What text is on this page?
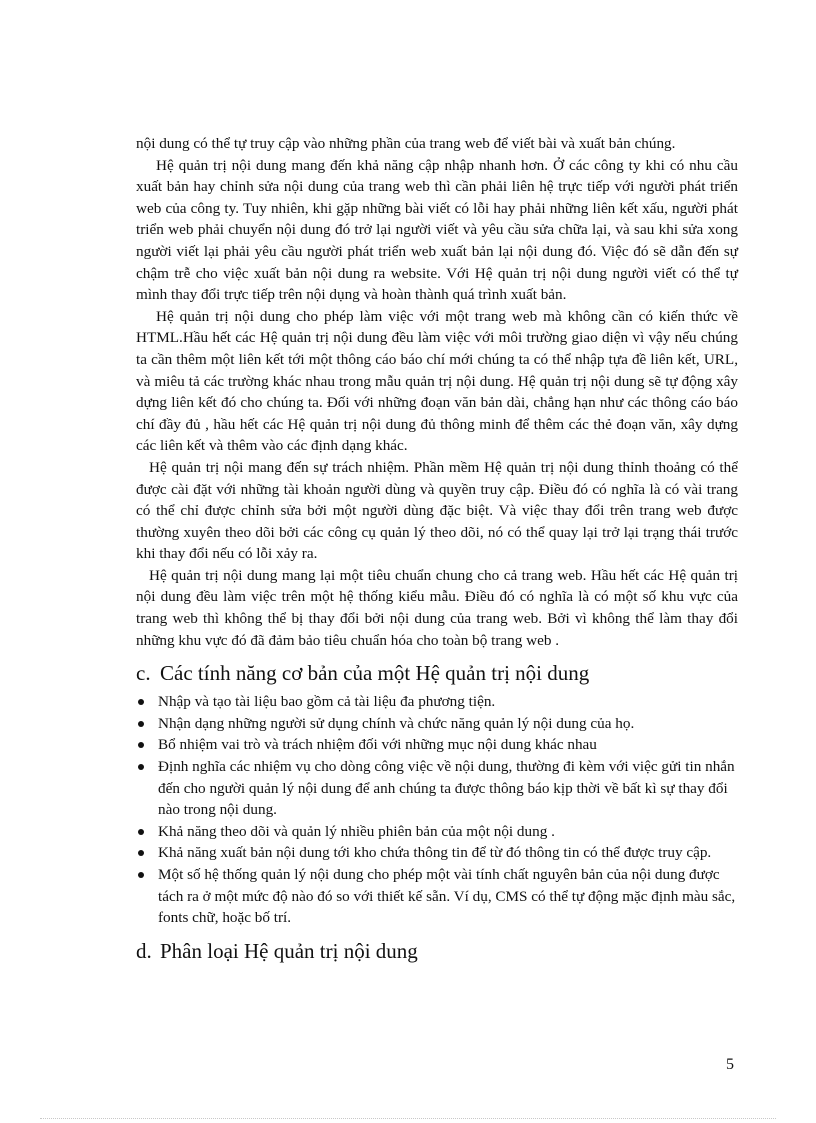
nội dung có thể tự truy cập vào những phần của trang web để viết bài và xuất bản chúng.

Hệ quản trị nội dung mang đến khả năng cập nhập nhanh hơn. Ở các công ty khi có nhu cầu xuất bản hay chỉnh sửa nội dung của trang web thì cần phải liên hệ trực tiếp với người phát triển web của công ty. Tuy nhiên, khi gặp những bài viết có lỗi hay phải những liên kết xấu, người phát triển web phải chuyển nội dung đó trở lại người viết và yêu cầu sửa chữa lại, và sau khi sửa xong người viết lại phải yêu cầu người phát triển web xuất bản lại nội dung đó. Việc đó sẽ dẫn đến sự chậm trễ cho việc xuất bản nội dung ra website. Với Hệ quản trị nội dung người viết có thể tự mình thay đổi trực tiếp trên nội dụng và hoàn thành quá trình xuất bản.

Hệ quản trị nội dung cho phép làm việc với một trang web mà không cần có kiến thức về HTML.Hầu hết các Hệ quản trị nội dung đều làm việc với môi trường giao diện vì vậy nếu chúng ta cần thêm một liên kết tới một thông cáo báo chí mới chúng ta có thể nhập tựa đề liên kết, URL, và miêu tả các trường khác nhau trong mẫu quản trị nội dung. Hệ quản trị nội dung sẽ tự động xây dựng liên kết đó cho chúng ta. Đối với những đoạn văn bản dài, chẳng hạn như các thông cáo báo chí đầy đủ , hầu hết các Hệ quản trị nội dung đủ thông minh để thêm các thẻ đoạn văn, xây dựng các liên kết và thêm vào các định dạng khác.

Hệ quản trị nội mang đến sự trách nhiệm. Phần mềm Hệ quản trị nội dung thỉnh thoảng có thể được cài đặt với những tài khoản người dùng và quyền truy cập. Điều đó có nghĩa là có vài trang có thể chỉ được chỉnh sửa bởi một người dùng đặc biệt. Và việc thay đổi trên trang web được thường xuyên theo dõi bởi các công cụ quản lý theo dõi, nó có thể quay lại trở lại trạng thái trước khi thay đổi nếu có lỗi xảy ra.

Hệ quản trị nội dung mang lại một tiêu chuẩn chung cho cả trang web. Hầu hết các Hệ quản trị nội dung đều làm việc trên một hệ thống kiểu mẫu. Điều đó có nghĩa là có một số khu vực của trang web thì không thể bị thay đổi bởi nội dung của trang web. Bởi vì không thể làm thay đổi những khu vực đó đã đảm bảo tiêu chuẩn hóa cho toàn bộ trang web .

c. Các tính năng cơ bản của một Hệ quản trị nội dung
Nhập và tạo tài liệu bao gồm cả tài liệu đa phương tiện.
Nhận dạng những người sử dụng chính và chức năng quản lý nội dung của họ.
Bổ nhiệm vai trò và trách nhiệm đối với những mục nội dung khác nhau
Định nghĩa các nhiệm vụ cho dòng công việc về nội dung, thường đi kèm với việc gửi tin nhắn đến cho người quản lý nội dung để anh chúng ta được thông báo kịp thời về bất kì sự thay đổi nào trong nội dung.
Khả năng theo dõi và quản lý nhiều phiên bản của một nội dung .
Khả năng xuất bản nội dung tới kho chứa thông tin để từ đó thông tin có thể được truy cập.
Một số hệ thống quản lý nội dung cho phép một vài tính chất nguyên bản của nội dung được tách ra ở một mức độ nào đó so với thiết kế sẵn. Ví dụ, CMS có thể tự động mặc định màu sắc, fonts chữ, hoặc bố trí.
d. Phân loại Hệ quản trị nội dung
5
